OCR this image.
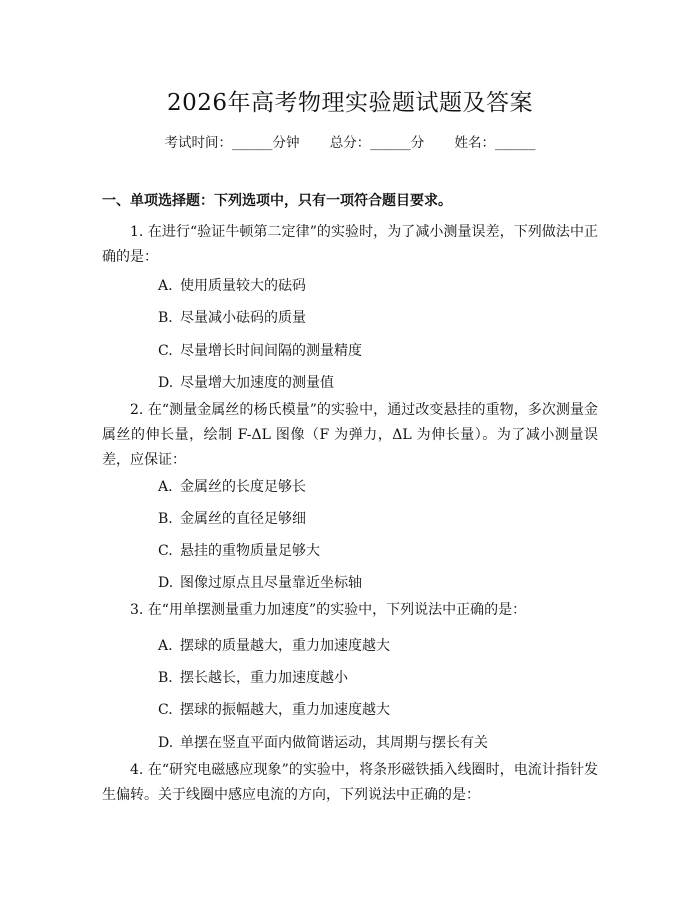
2026年高考物理实验题试题及答案
考试时间：______分钟 总分：______分 姓名：______
一、单项选择题：下列选项中，只有一项符合题目要求。
1. 在进行“验证牛顿第二定律”的实验时，为了减小测量误差，下列做法中正确的是：
A. 使用质量较大的砝码
B. 尽量减小砝码的质量
C. 尽量增长时间间隔的测量精度
D. 尽量增大加速度的测量值
2. 在“测量金属丝的杨氏模量”的实验中，通过改变悬挂的重物，多次测量金属丝的伸长量，绘制 F-ΔL 图像（F 为弹力，ΔL 为伸长量）。为了减小测量误差，应保证：
A. 金属丝的长度足够长
B. 金属丝的直径足够细
C. 悬挂的重物质量足够大
D. 图像过原点且尽量靠近坐标轴
3. 在“用单摆测量重力加速度”的实验中，下列说法中正确的是：
A. 摆球的质量越大，重力加速度越大
B. 摆长越长，重力加速度越小
C. 摆球的振幅越大，重力加速度越大
D. 单摆在竖直平面内做简谐运动，其周期与摆长有关
4. 在“研究电磁感应现象”的实验中，将条形磁铁插入线圈时，电流计指针发生偏转。关于线圈中感应电流的方向，下列说法中正确的是：
